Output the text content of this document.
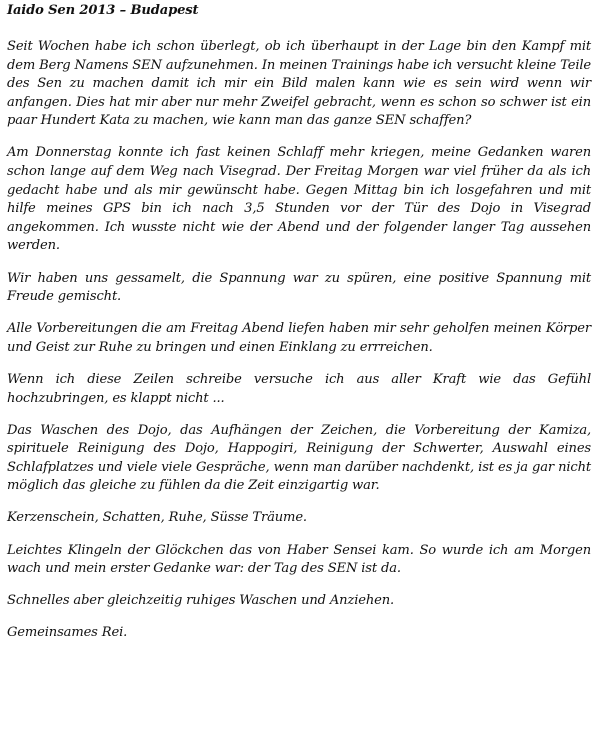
Iaido Sen 2013 – Budapest

Seit Wochen habe ich schon überlegt, ob ich überhaupt in der Lage bin den Kampf mit dem Berg Namens SEN aufzunehmen. In meinen Trainings habe ich versucht kleine Teile des Sen zu machen damit ich mir ein Bild malen kann wie es sein wird wenn wir anfangen. Dies hat mir aber nur mehr Zweifel gebracht, wenn es schon so schwer ist ein paar Hundert Kata zu machen, wie kann man das ganze SEN schaffen?

Am Donnerstag konnte ich fast keinen Schlaff mehr kriegen, meine Gedanken waren schon lange auf dem Weg nach Visegrad. Der Freitag Morgen war viel früher da als ich gedacht habe und als mir gewünscht habe. Gegen Mittag bin ich losgefahren und mit hilfe meines GPS bin ich nach 3,5 Stunden vor der Tür des Dojo in Visegrad angekommen. Ich wusste nicht wie der Abend und der folgender langer Tag aussehen werden.

Wir haben uns gessamelt, die Spannung war zu spüren, eine positive Spannung mit Freude gemischt.

Alle Vorbereitungen die am Freitag Abend liefen haben mir sehr geholfen meinen Körper und Geist zur Ruhe zu bringen und einen Einklang zu errreichen.

Wenn ich diese Zeilen schreibe versuche ich aus aller Kraft wie das Gefühl hochzubringen, es klappt nicht ...

Das Waschen des Dojo, das Aufhängen der Zeichen, die Vorbereitung der Kamiza, spirituele Reinigung des Dojo, Happogiri, Reinigung der Schwerter, Auswahl eines Schlafplatzes und viele viele Gespräche, wenn man darüber nachdenkt, ist es ja gar nicht möglich das gleiche zu fühlen da die Zeit einzigartig war.

Kerzenschein, Schatten, Ruhe, Süsse Träume.

Leichtes Klingeln der Glöckchen das von Haber Sensei kam. So wurde ich am Morgen wach und mein erster Gedanke war: der Tag des SEN ist da.

Schnelles aber gleichzeitig ruhiges Waschen und Anziehen.

Gemeinsames Rei.
